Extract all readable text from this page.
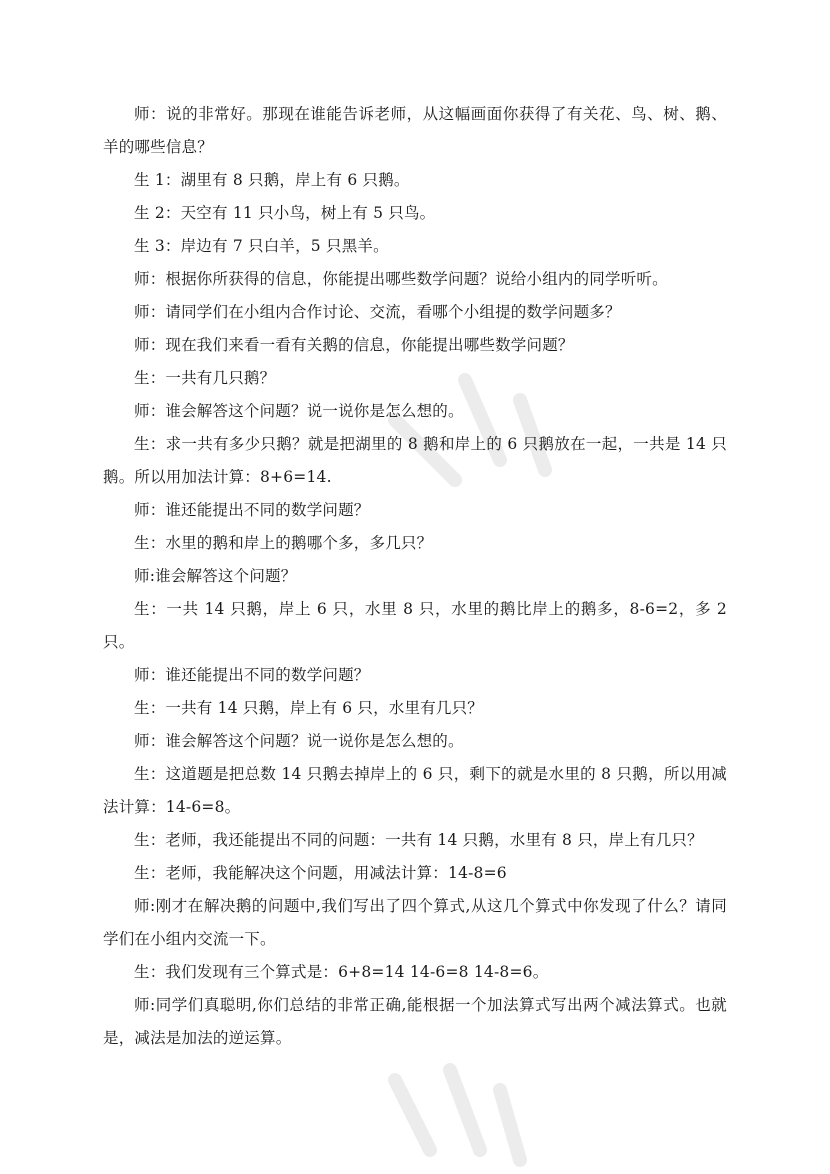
师：说的非常好。那现在谁能告诉老师，从这幅画面你获得了有关花、鸟、树、鹅、羊的哪些信息？

生 1：湖里有 8 只鹅，岸上有 6 只鹅。

生 2：天空有 11 只小鸟，树上有 5 只鸟。

生 3：岸边有 7 只白羊，5 只黑羊。

师：根据你所获得的信息，你能提出哪些数学问题？说给小组内的同学听听。

师：请同学们在小组内合作讨论、交流，看哪个小组提的数学问题多？

师：现在我们来看一看有关鹅的信息，你能提出哪些数学问题？

生：一共有几只鹅？

师：谁会解答这个问题？说一说你是怎么想的。

生：求一共有多少只鹅？就是把湖里的 8 鹅和岸上的 6 只鹅放在一起，一共是 14 只鹅。所以用加法计算：8+6=14.

师：谁还能提出不同的数学问题？

生：水里的鹅和岸上的鹅哪个多，多几只？

师:谁会解答这个问题？

生：一共 14 只鹅，岸上 6 只，水里 8 只，水里的鹅比岸上的鹅多，8-6=2，多 2 只。

师：谁还能提出不同的数学问题？

生：一共有 14 只鹅，岸上有 6 只，水里有几只？

师：谁会解答这个问题？说一说你是怎么想的。

生：这道题是把总数 14 只鹅去掉岸上的 6 只，剩下的就是水里的 8 只鹅，所以用减法计算：14-6=8。

生：老师，我还能提出不同的问题：一共有 14 只鹅，水里有 8 只，岸上有几只？

生：老师，我能解决这个问题，用减法计算：14-8=6

师:刚才在解决鹅的问题中,我们写出了四个算式,从这几个算式中你发现了什么？请同学们在小组内交流一下。

生：我们发现有三个算式是：6+8=14 14-6=8 14-8=6。

师:同学们真聪明,你们总结的非常正确,能根据一个加法算式写出两个减法算式。也就是，减法是加法的逆运算。
